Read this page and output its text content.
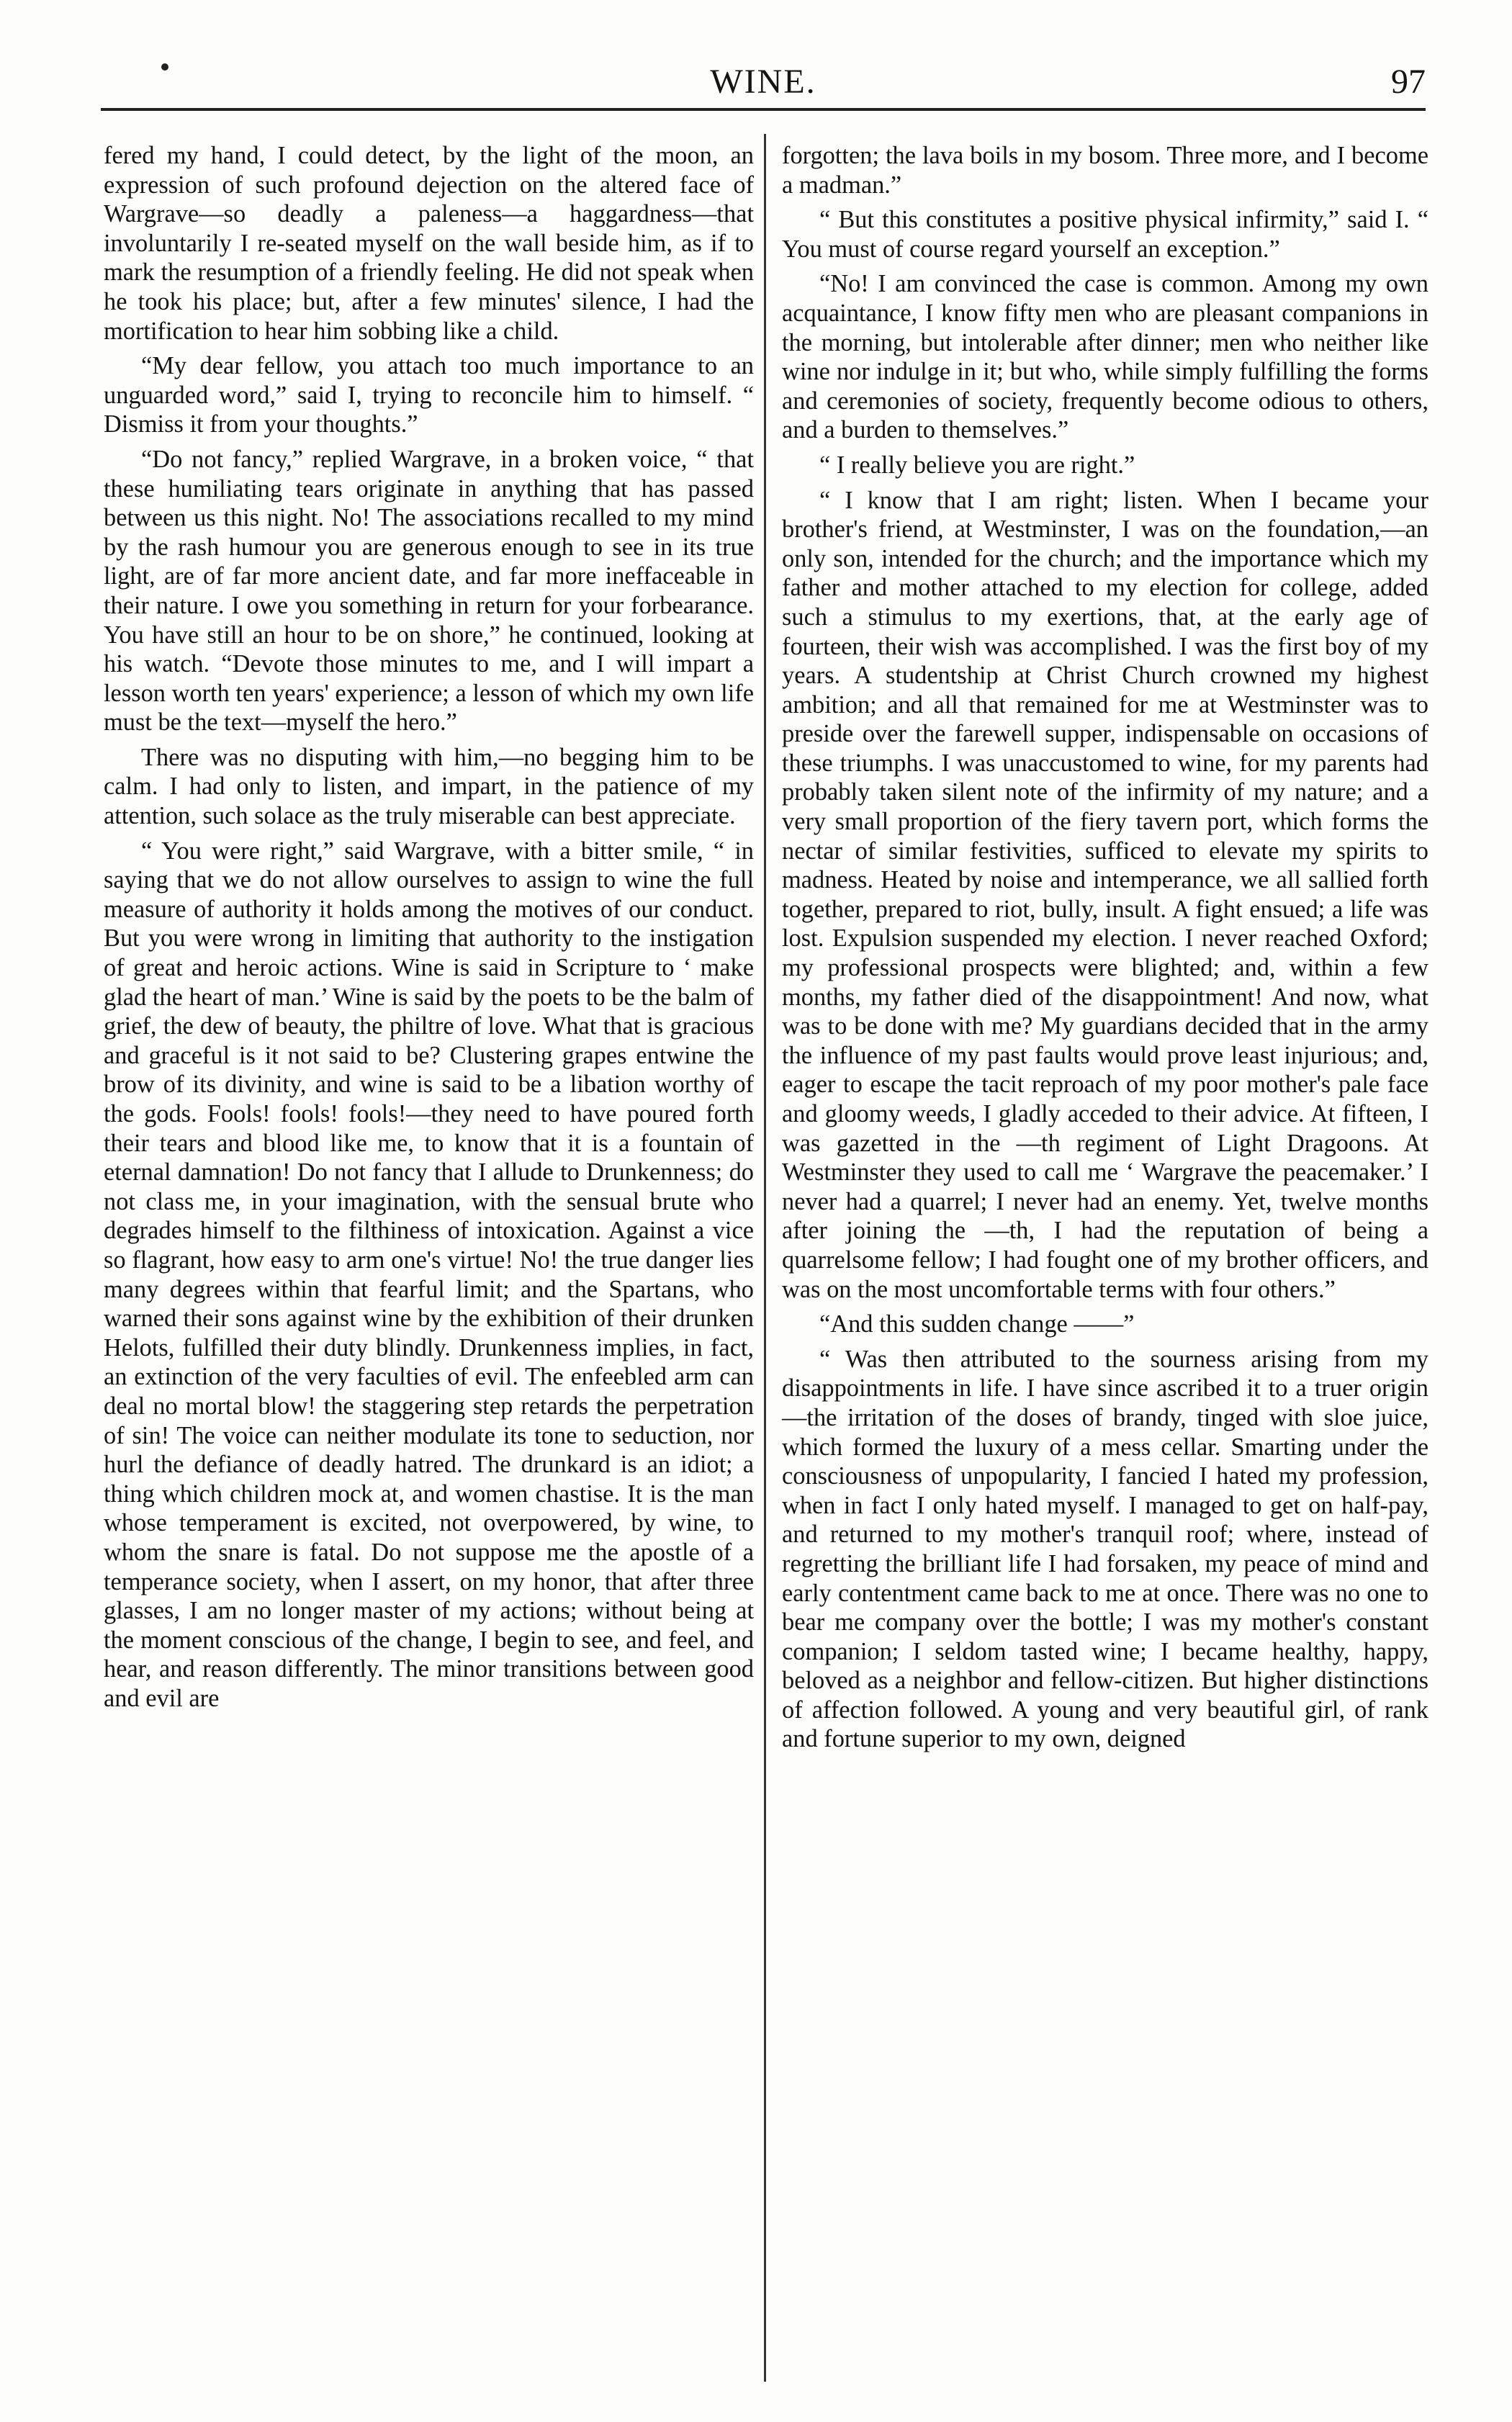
WINE.	97

fered my hand, I could detect, by the light of the moon, an expression of such profound dejection on the altered face of Wargrave—so deadly a paleness—a haggardness—that involuntarily I re-seated myself on the wall beside him, as if to mark the resumption of a friendly feeling. He did not speak when he took his place; but, after a few minutes' silence, I had the mortification to hear him sobbing like a child.

“My dear fellow, you attach too much importance to an unguarded word,” said I, trying to reconcile him to himself. “ Dismiss it from your thoughts.”

“Do not fancy,” replied Wargrave, in a broken voice, “ that these humiliating tears originate in anything that has passed between us this night. No! The associations recalled to my mind by the rash humour you are generous enough to see in its true light, are of far more ancient date, and far more ineffaceable in their nature. I owe you something in return for your forbearance. You have still an hour to be on shore,” he continued, looking at his watch. “Devote those minutes to me, and I will impart a lesson worth ten years' experience; a lesson of which my own life must be the text—myself the hero.”

There was no disputing with him,—no begging him to be calm. I had only to listen, and impart, in the patience of my attention, such solace as the truly miserable can best appreciate.

“ You were right,” said Wargrave, with a bitter smile, “ in saying that we do not allow ourselves to assign to wine the full measure of authority it holds among the motives of our conduct. But you were wrong in limiting that authority to the instigation of great and heroic actions. Wine is said in Scripture to ‘ make glad the heart of man.’ Wine is said by the poets to be the balm of grief, the dew of beauty, the philtre of love. What that is gracious and graceful is it not said to be? Clustering grapes entwine the brow of its divinity, and wine is said to be a libation worthy of the gods. Fools! fools! fools!—they need to have poured forth their tears and blood like me, to know that it is a fountain of eternal damnation! Do not fancy that I allude to Drunkenness; do not class me, in your imagination, with the sensual brute who degrades himself to the filthiness of intoxication. Against a vice so flagrant, how easy to arm one's virtue! No! the true danger lies many degrees within that fearful limit; and the Spartans, who warned their sons against wine by the exhibition of their drunken Helots, fulfilled their duty blindly. Drunkenness implies, in fact, an extinction of the very faculties of evil. The enfeebled arm can deal no mortal blow! the staggering step retards the perpetration of sin! The voice can neither modulate its tone to seduction, nor hurl the defiance of deadly hatred. The drunkard is an idiot; a thing which children mock at, and women chastise. It is the man whose temperament is excited, not overpowered, by wine, to whom the snare is fatal. Do not suppose me the apostle of a temperance society, when I assert, on my honor, that after three glasses, I am no longer master of my actions; without being at the moment conscious of the change, I begin to see, and feel, and hear, and reason differently. The minor transitions between good and evil are

forgotten; the lava boils in my bosom. Three more, and I become a madman.”

“ But this constitutes a positive physical infirmity,” said I. “ You must of course regard yourself an exception.”

“No! I am convinced the case is common. Among my own acquaintance, I know fifty men who are pleasant companions in the morning, but intolerable after dinner; men who neither like wine nor indulge in it; but who, while simply fulfilling the forms and ceremonies of society, frequently become odious to others, and a burden to themselves.”

“ I really believe you are right.”

“ I know that I am right; listen. When I became your brother's friend, at Westminster, I was on the foundation,—an only son, intended for the church; and the importance which my father and mother attached to my election for college, added such a stimulus to my exertions, that, at the early age of fourteen, their wish was accomplished. I was the first boy of my years. A studentship at Christ Church crowned my highest ambition; and all that remained for me at Westminster was to preside over the farewell supper, indispensable on occasions of these triumphs. I was unaccustomed to wine, for my parents had probably taken silent note of the infirmity of my nature; and a very small proportion of the fiery tavern port, which forms the nectar of similar festivities, sufficed to elevate my spirits to madness. Heated by noise and intemperance, we all sallied forth together, prepared to riot, bully, insult. A fight ensued; a life was lost. Expulsion suspended my election. I never reached Oxford; my professional prospects were blighted; and, within a few months, my father died of the disappointment! And now, what was to be done with me? My guardians decided that in the army the influence of my past faults would prove least injurious; and, eager to escape the tacit reproach of my poor mother's pale face and gloomy weeds, I gladly acceded to their advice. At fifteen, I was gazetted in the —th regiment of Light Dragoons. At Westminster they used to call me ‘ Wargrave the peacemaker.’ I never had a quarrel; I never had an enemy. Yet, twelve months after joining the —th, I had the reputation of being a quarrelsome fellow; I had fought one of my brother officers, and was on the most uncomfortable terms with four others.”

“And this sudden change ——”

“ Was then attributed to the sourness arising from my disappointments in life. I have since ascribed it to a truer origin—the irritation of the doses of brandy, tinged with sloe juice, which formed the luxury of a mess cellar. Smarting under the consciousness of unpopularity, I fancied I hated my profession, when in fact I only hated myself. I managed to get on half-pay, and returned to my mother's tranquil roof; where, instead of regretting the brilliant life I had forsaken, my peace of mind and early contentment came back to me at once. There was no one to bear me company over the bottle; I was my mother's constant companion; I seldom tasted wine; I became healthy, happy, beloved as a neighbor and fellow-citizen. But higher distinctions of affection followed. A young and very beautiful girl, of rank and fortune superior to my own, deigned
